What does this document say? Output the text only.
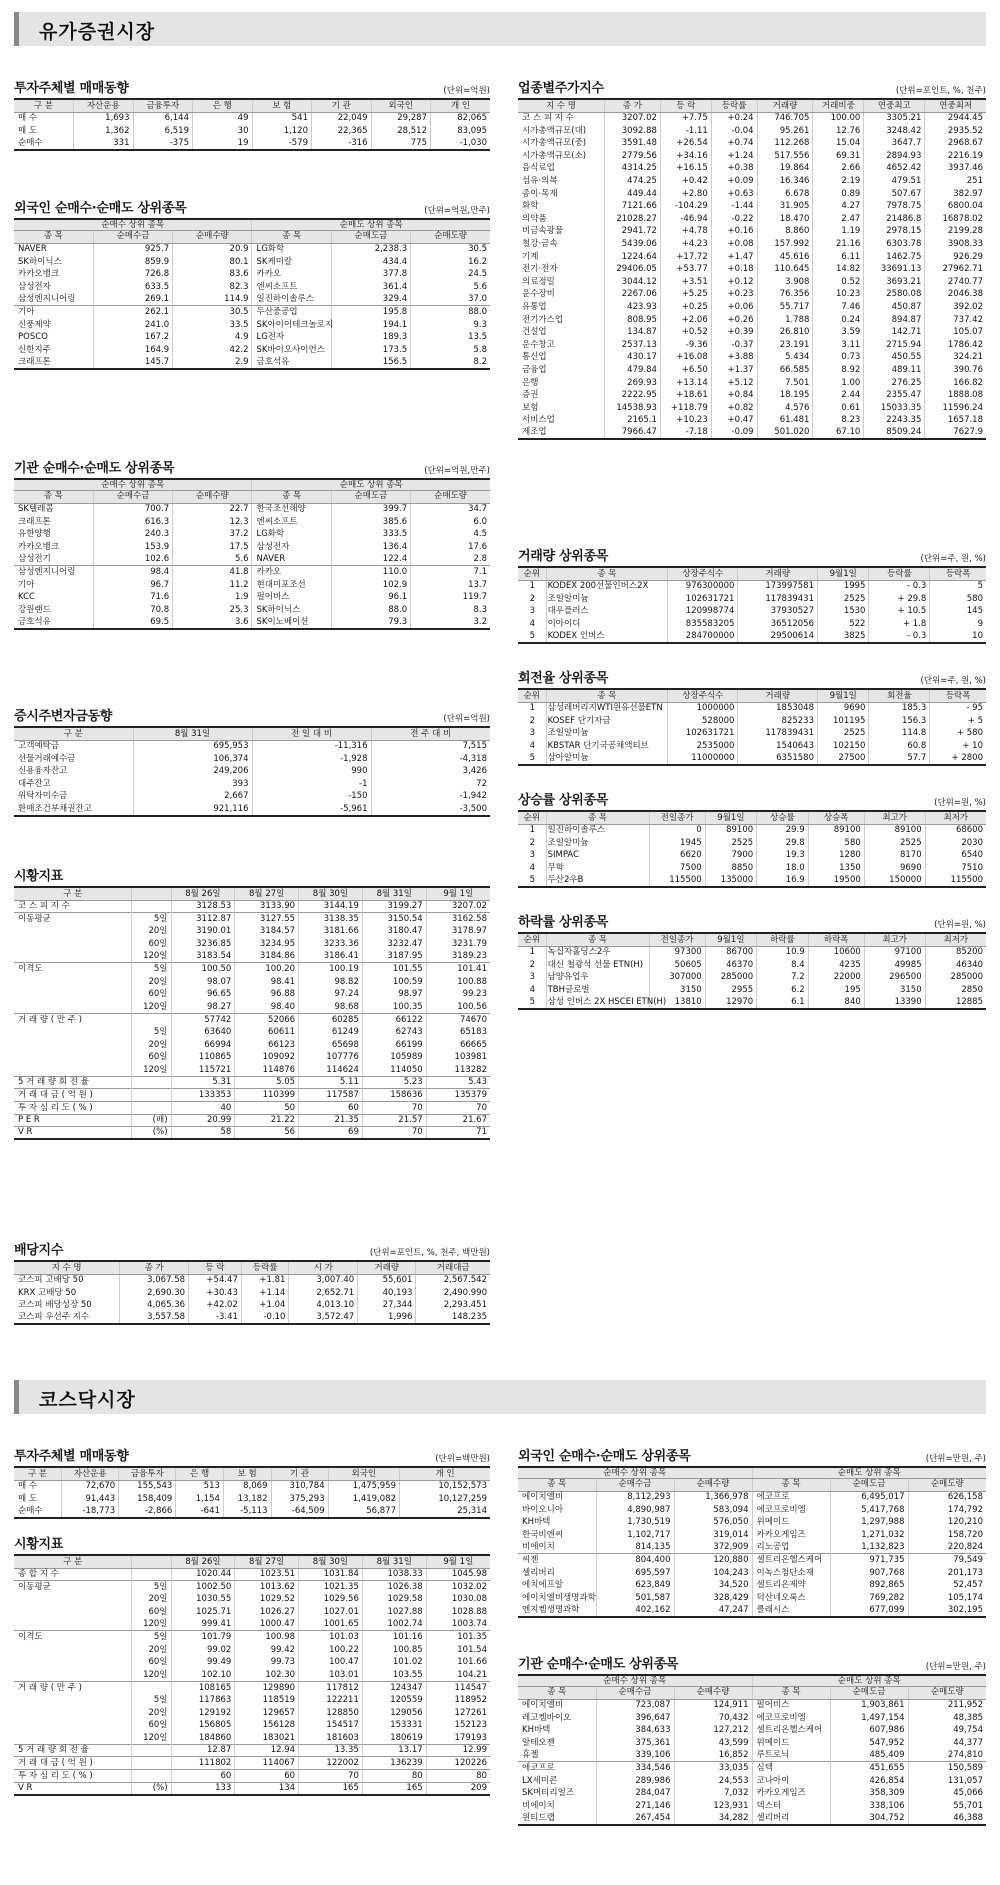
유가증권시장
코스닥시장
투자주체별 매매동향	(단위=억원)
구 분	자산운용	금융투자	은 행	보 험	기 관	외국인	개 인
매 수	1,693	6,144	49	541	22,049	29,287	82,065
매 도	1,362	6,519	30	1,120	22,365	28,512	83,095
순매수	331	-375	19	-579	-316	775	-1,030
외국인 순매수·순매도 상위종목	(단위=억원,만주)
순매수 상위 종목			순매도 상위 종목		
종 목	순매수금	순매수량	종 목	순매도금	순매도량
NAVER	925.7	20.9	LG화학	2,238.3	30.5
SK하이닉스	859.9	80.1	SK케미칼	434.4	16.2
카카오뱅크	726.8	83.6	카카오	377.8	24.5
삼성전자	633.5	82.3	엔씨소프트	361.4	5.6
삼성엔지니어링	269.1	114.9	일진하이솔루스	329.4	37.0
기아	262.1	30.5	두산중공업	195.8	88.0
신풍제약	241.0	33.5	SK아이이테크놀로지	194.1	9.3
POSCO	167.2	4.9	LG전자	189.3	13.5
신한지주	164.9	42.2	SK바이오사이언스	173.5	5.8
크래프톤	145.7	2.9	금호석유	156.5	8.2
기관 순매수·순매도 상위종목	(단위=억원,만주)
순매수 상위 종목			순매도 상위 종목		
종 목	순매수금	순매수량	종 목	순매도금	순매도량
SK텔레콤	700.7	22.7	한국조선해양	399.7	34.7
크래프톤	616.3	12.3	엔씨소프트	385.6	6.0
유한양행	240.3	37.2	LG화학	333.5	4.5
카카오뱅크	153.9	17.5	삼성전자	136.4	17.6
삼성전기	102.6	5.6	NAVER	122.4	2.8
삼성엔지니어링	98.4	41.8	카카오	110.0	7.1
기아	96.7	11.2	현대미포조선	102.9	13.7
KCC	71.6	1.9	펄어비스	96.1	119.7
강원랜드	70.8	25.3	SK하이닉스	88.0	8.3
금호석유	69.5	3.6	SK이노베이션	79.3	3.2
증시주변자금동향	(단위=억원)
구 분	8월 31일	전 일 대 비	전 주 대 비
고객예탁금	695,953	-11,316	7,515
선물거래예수금	106,374	-1,928	-4,318
신용융자잔고	249,206	990	3,426
대주잔고	393	-1	72
위탁자미수금	2,667	-150	-1,942
환매조건부채권잔고	921,116	-5,961	-3,500
시황지표
구 분		8월 26일	8월 27일	8월 30일	8월 31일	9월 1일
코 스 피 지 수		3128.53	3133.90	3144.19	3199.27	3207.02
이동평균	5일	3112.87	3127.55	3138.35	3150.54	3162.58
	20일	3190.01	3184.57	3181.66	3180.47	3178.97
	60일	3236.85	3234.95	3233.36	3232.47	3231.79
	120일	3183.54	3184.86	3186.41	3187.95	3189.23
이격도	5일	100.50	100.20	100.19	101.55	101.41
	20일	98.07	98.41	98.82	100.59	100.88
	60일	96.65	96.88	97.24	98.97	99.23
	120일	98.27	98.40	98.68	100.35	100.56
거 래 량 ( 만 주 )		57742	52066	60285	66122	74670
	5일	63640	60611	61249	62743	65183
	20일	66994	66123	65698	66199	66665
	60일	110865	109092	107776	105989	103981
	120일	115721	114876	114624	114050	113282
5 거 래 량 회 전 율		5.31	5.05	5.11	5.23	5.43
거 래 대 금 ( 억 원 )		133353	110399	117587	158636	135379
투 자 심 리 도 ( % )		40	50	60	70	70
P E R	(배)	20.99	21.22	21.35	21.57	21.67
V R	(%)	58	56	69	70	71
배당지수	(단위=포인트, %, 천주, 백만원)
지 수 명	종 가	등 락	등락률	시 가	거래량	거래대금
코스피 고배당 50	3,067.58	+54.47	+1.81	3,007.40	55,601	2,567.542
KRX 고배당 50	2,690.30	+30.43	+1.14	2,652.71	40,193	2,490.990
코스피 배당성장 50	4,065.36	+42.02	+1.04	4,013.10	27,344	2,293.451
코스피 우선주 지수	3,557.58	-3.41	-0.10	3,572.47	1,996	148.235
업종별주가지수	(단위=포인트, %, 천주)
지 수 명	종 가	등 락	등락률	거래량	거래비중	연중최고	연중최저
코 스 피 지 수	3207.02	+7.75	+0.24	746.705	100.00	3305.21	2944.45
시가총액규모(대)	3092.88	-1.11	-0.04	95.261	12.76	3248.42	2935.52
시가총액규모(중)	3591.48	+26.54	+0.74	112.268	15.04	3647.7	2968.67
시가총액규모(소)	2779.56	+34.16	+1.24	517.556	69.31	2894.93	2216.19
음식료업	4314.25	+16.15	+0.38	19.864	2.66	4652.42	3937.46
섬유·의복	474.25	+0.42	+0.09	16.346	2.19	479.51	251
종이·목재	449.44	+2.80	+0.63	6.678	0.89	507.67	382.97
화학	7121.66	-104.29	-1.44	31.905	4.27	7978.75	6800.04
의약품	21028.27	-46.94	-0.22	18.470	2.47	21486.8	16878.02
비금속광물	2941.72	+4.78	+0.16	8.860	1.19	2978.15	2199.28
철강·금속	5439.06	+4.23	+0.08	157.992	21.16	6303.78	3908.33
기계	1224.64	+17.72	+1.47	45.616	6.11	1462.75	926.29
전기·전자	29406.05	+53.77	+0.18	110.645	14.82	33691.13	27962.71
의료정밀	3044.12	+3.51	+0.12	3.908	0.52	3693.21	2740.77
운수장비	2267.06	+5.25	+0.23	76.356	10.23	2580.08	2046.38
유통업	423.93	+0.25	+0.06	55.717	7.46	450.87	392.02
전기가스업	808.95	+2.06	+0.26	1.788	0.24	894.87	737.42
건설업	134.87	+0.52	+0.39	26.810	3.59	142.71	105.07
운수창고	2537.13	-9.36	-0.37	23.191	3.11	2715.94	1786.42
통신업	430.17	+16.08	+3.88	5.434	0.73	450.55	324.21
금융업	479.84	+6.50	+1.37	66.585	8.92	489.11	390.76
은행	269.93	+13.14	+5.12	7.501	1.00	276.25	166.82
증권	2222.95	+18.61	+0.84	18.195	2.44	2355.47	1888.08
보험	14538.93	+118.79	+0.82	4.576	0.61	15033.35	11596.24
서비스업	2165.1	+10.23	+0.47	61.481	8.23	2243.35	1657.18
제조업	7966.47	-7.18	-0.09	501.020	67.10	8509.24	7627.9
거래량 상위종목	(단위=주, 원, %)
순위	종 목	상장주식수	거래량	9월1일	등락률	등락폭
1	KODEX 200선물인버스2X	976300000	173997581	1995	- 0.3	5
2	조일알미늄	102631721	117839431	2525	+ 29.8	580
3	대우플러스	120998774	37930527	1530	+ 10.5	145
4	이아이디	835583205	36512056	522	+ 1.8	9
5	KODEX 인버스	284700000	29500614	3825	- 0.3	10
회전율 상위종목	(단위=주, 원, %)
순위	종 목	상장주식수	거래량	9월1일	회전율	등락폭
1	삼성레버리지WTI원유선물ETN	1000000	1853048	9690	185.3	- 95
2	KOSEF 단기자금	528000	825233	101195	156.3	+ 5
3	조일알미늄	102631721	117839431	2525	114.8	+ 580
4	KBSTAR 단기국공채액티브	2535000	1540643	102150	60.8	+ 10
5	삼아알미늄	11000000	6351580	27500	57.7	+ 2800
상승률 상위종목	(단위=원, %)
순위	종 목	전일종가	9월1일	상승률	상승폭	최고가	최저가
1	일진하이솔루스	0	89100	29.9	89100	89100	68600
2	조일알미늄	1945	2525	29.8	580	2525	2030
3	SIMPAC	6620	7900	19.3	1280	8170	6540
4	무학	7500	8850	18.0	1350	9690	7510
5	두산2우B	115500	135000	16.9	19500	150000	115500
하락률 상위종목	(단위=원, %)
순위	종 목	전일종가	9월1일	하락률	하락폭	최고가	최저가
1	녹십자홀딩스2우	97300	86700	10.9	10600	97100	85200
2	대신 철광석 선물 ETN(H)	50605	46370	8.4	4235	49985	46340
3	남양유업우	307000	285000	7.2	22000	296500	285000
4	TBH글로벌	3150	2955	6.2	195	3150	2850
5	삼성 인버스 2X HSCEI ETN(H)	13810	12970	6.1	840	13390	12885
투자주체별 매매동향	(단위=백만원)
구 분	자산운용	금융투자	은 행	보 험	기 관	외국인	개 인
매 수	72,670	155,543	513	8,069	310,784	1,475,959	10,152,573
매 도	91,443	158,409	1,154	13,182	375,293	1,419,082	10,127,259
순매수	-18,773	-2,866	-641	-5,113	-64,509	56,877	25,314
시황지표
구 분		8월 26일	8월 27일	8월 30일	8월 31일	9월 1일
종 합 지 수		1020.44	1023.51	1031.84	1038.33	1045.98
이동평균	5일	1002.50	1013.62	1021.35	1026.38	1032.02
	20일	1030.55	1029.52	1029.56	1029.58	1030.08
	60일	1025.71	1026.27	1027.01	1027.88	1028.88
	120일	999.41	1000.47	1001.65	1002.74	1003.74
이격도	5일	101.79	100.98	101.03	101.16	101.35
	20일	99.02	99.42	100.22	100.85	101.54
	60일	99.49	99.73	100.47	101.02	101.66
	120일	102.10	102.30	103.01	103.55	104.21
거 래 량 ( 만 주 )		108165	129890	117812	124347	114547
	5일	117863	118519	122211	120559	118952
	20일	129192	129657	128850	129056	127261
	60일	156805	156128	154517	153331	152123
	120일	184860	183021	181603	180619	179193
5 거 래 량 회 전 율		12.87	12.94	13.35	13.17	12.99
거 래 대 금 ( 억 원 )		111802	114067	122002	136239	120226
투 자 심 리 도 ( % )		60	60	70	80	80
V R	(%)	133	134	165	165	209
외국인 순매수·순매도 상위종목	(단위=만원, 주)
순매수 상위 종목			순매도 상위 종목		
종 목	순매수금	순매수량	종 목	순매도금	순매도량
에이치엘비	8,112,293	1,366,978	에코프로	6,495,017	626,158
바이오니아	4,890,987	583,094	에코프로비엠	5,417,768	174,792
KH바텍	1,730,519	576,050	위메이드	1,297,988	120,210
한국비엔씨	1,102,717	319,014	카카오게임즈	1,271,032	158,720
비에이치	814,135	372,909	리노공업	1,132,823	220,824
씨젠	804,400	120,880	셀트리온헬스케어	971,735	79,549
셀리버리	695,597	104,243	이녹스첨단소재	907,768	201,173
에치에프알	623,849	34,520	셀트리온제약	892,865	52,457
에이치엘비생명과학	501,587	328,429	덕산네오룩스	769,282	105,174
엔지켐생명과학	402,162	47,247	클래시스	677,099	302,195
기관 순매수·순매도 상위종목	(단위=만원, 주)
순매수 상위 종목			순매도 상위 종목		
종 목	순매수금	순매수량	종 목	순매도금	순매도량
에이치엘비	723,087	124,911	펄어비스	1,903,861	211,952
레고켐바이오	396,647	70,432	에코프로비엠	1,497,154	48,385
KH바텍	384,633	127,212	셀트리온헬스케어	607,986	49,754
알테오젠	375,361	43,599	위메이드	547,952	44,377
휴젤	339,106	16,852	루트로닉	485,409	274,810
에코프로	334,546	33,035	심텍	451,655	150,589
LX세미콘	289,986	24,553	코나아이	426,854	131,057
SK머티리얼즈	284,047	7,032	카카오게임즈	358,309	45,066
비에이치	271,146	123,931	덱스터	338,106	55,701
원티드랩	267,454	34,282	셀리버리	304,752	46,388
